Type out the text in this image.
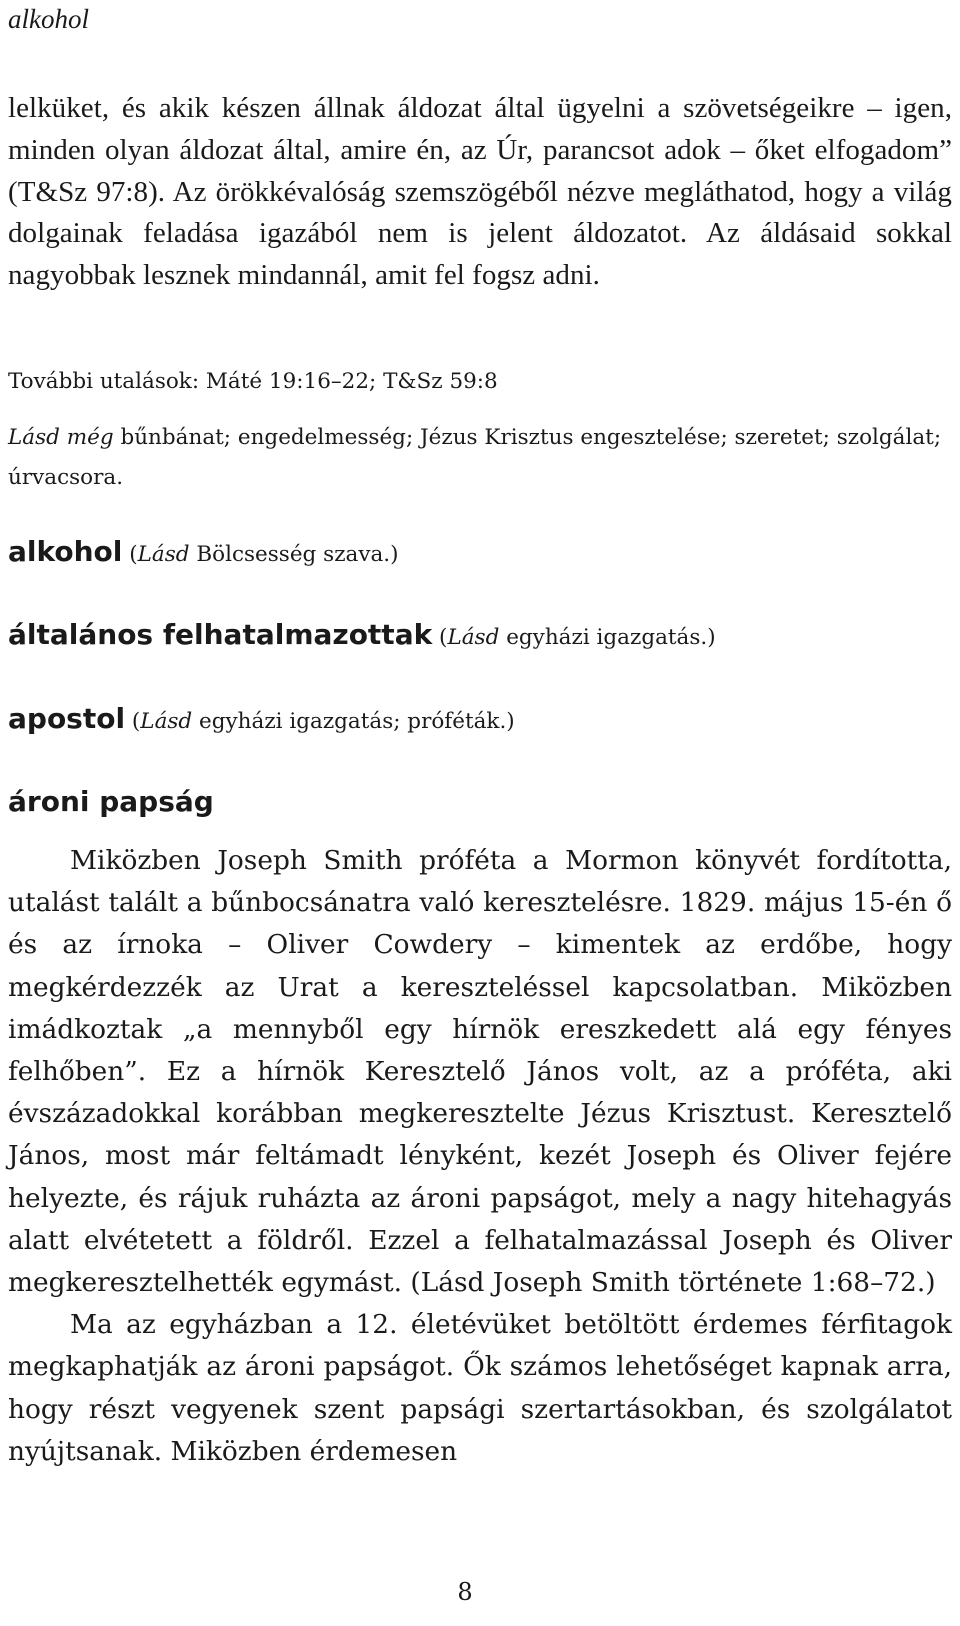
alkohol

lelküket, és akik készen állnak áldozat által ügyelni a szövetségeikre – igen, minden olyan áldozat által, amire én, az Úr, parancsot adok – őket elfogadom” (T&Sz 97:8). Az örökkévalóság szemszögéből nézve megláthatod, hogy a világ dolgainak feladása igazából nem is jelent áldozatot. Az áldásaid sokkal nagyobbak lesznek mindannál, amit fel fogsz adni.

További utalások: Máté 19:16–22; T&Sz 59:8

Lásd még bűnbánat; engedelmesség; Jézus Krisztus engesztelése; szeretet; szolgálat; úrvacsora.

alkohol (Lásd Bölcsesség szava.)
általános felhatalmazottak (Lásd egyházi igazgatás.)
apostol (Lásd egyházi igazgatás; próféták.)
ároni papság

Miközben Joseph Smith próféta a Mormon könyvét fordította, utalást talált a bűnbocsánatra való keresztelésre. 1829. május 15-én ő és az írnoka – Oliver Cowdery – kimentek az erdőbe, hogy megkérdezzék az Urat a kereszteléssel kapcsolatban. Miközben imádkoztak „a mennyből egy hírnök ereszkedett alá egy fényes felhőben”. Ez a hírnök Keresztelő János volt, az a próféta, aki évszázadokkal korábban megkeresztelte Jézus Krisztust. Keresztelő János, most már feltámadt lényként, kezét Joseph és Oliver fejére helyezte, és rájuk ruházta az ároni papságot, mely a nagy hitehagyás alatt elvétetett a földről. Ezzel a felhatalmazással Joseph és Oliver megkeresztelhették egymást. (Lásd Joseph Smith története 1:68–72.)

Ma az egyházban a 12. életévüket betöltött érdemes férfitagok megkaphatják az ároni papságot. Ők számos lehetőséget kapnak arra, hogy részt vegyenek szent papsági szertartásokban, és szolgálatot nyújtsanak. Miközben érdemesen

8
